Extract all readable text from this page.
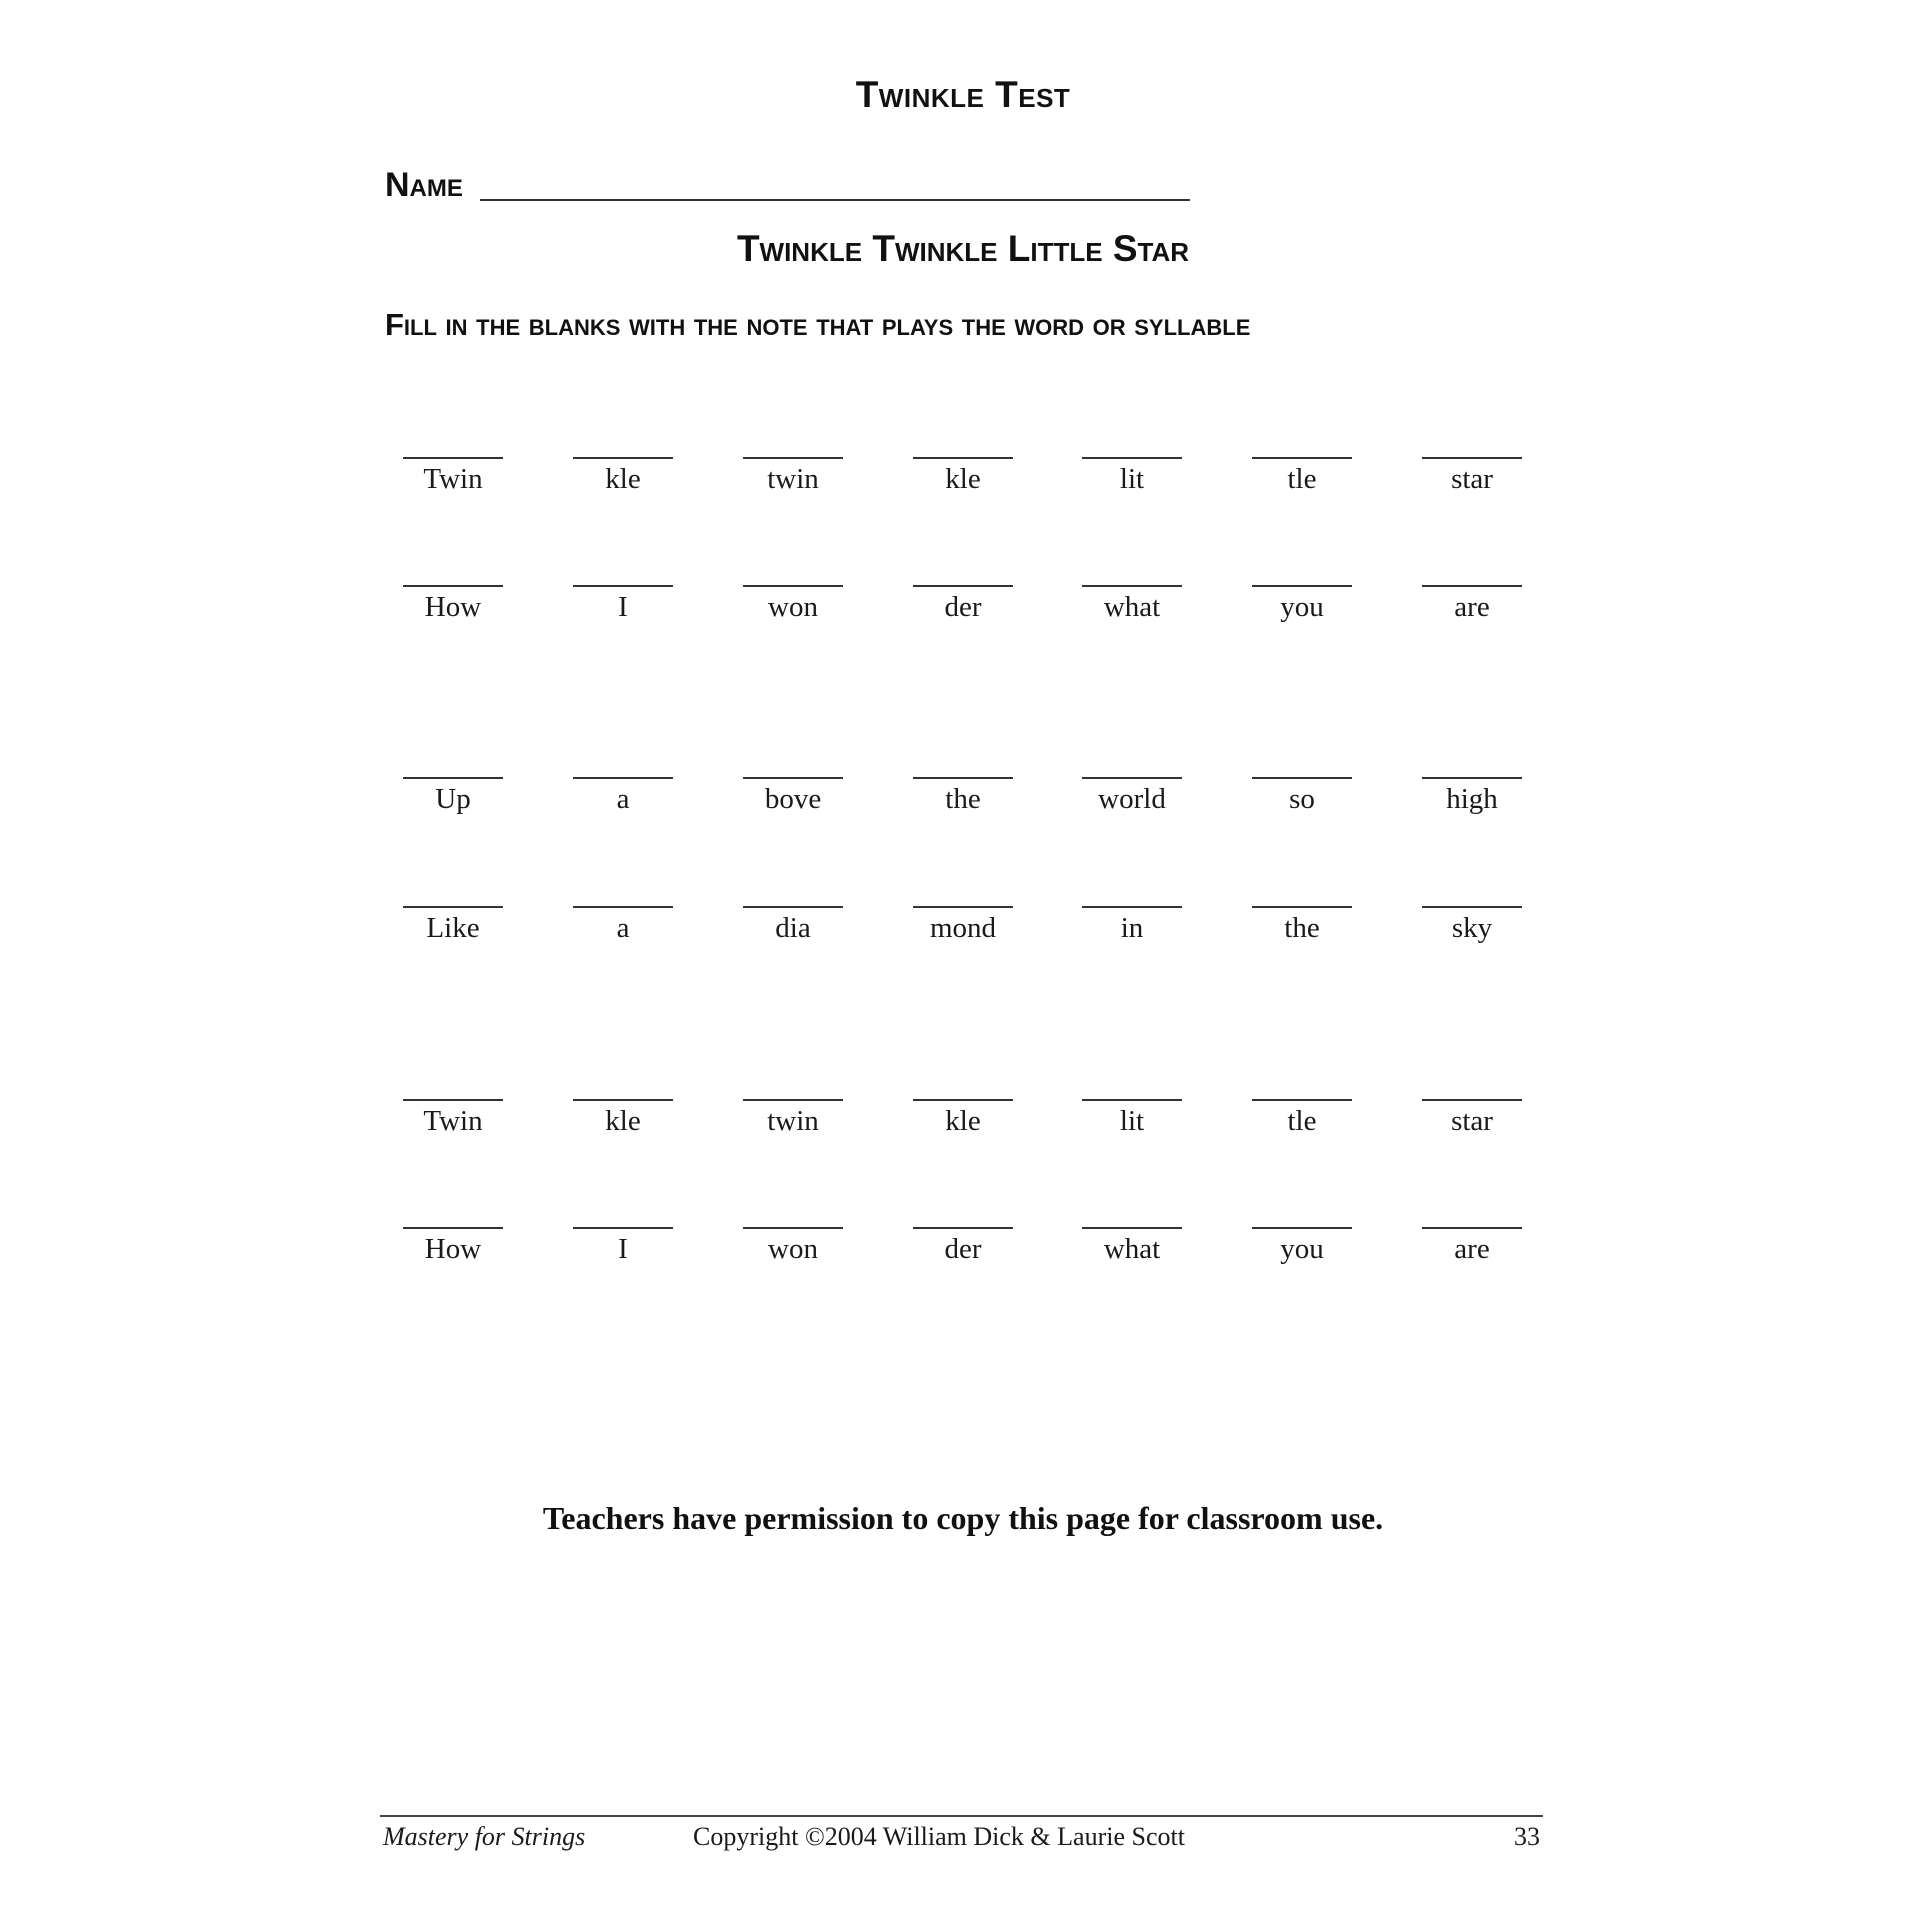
Twinkle Test
Name
Twinkle Twinkle Little Star
Fill in the blanks with the note that plays the word or syllable
Twin	kle	twin	kle	lit	tle	star
How	I	won	der	what	you	are
Up	a	bove	the	world	so	high
Like	a	dia	mond	in	the	sky
Twin	kle	twin	kle	lit	tle	star
How	I	won	der	what	you	are
Teachers have permission to copy this page for classroom use.
Mastery for Strings	Copyright ©2004 William Dick & Laurie Scott	33
